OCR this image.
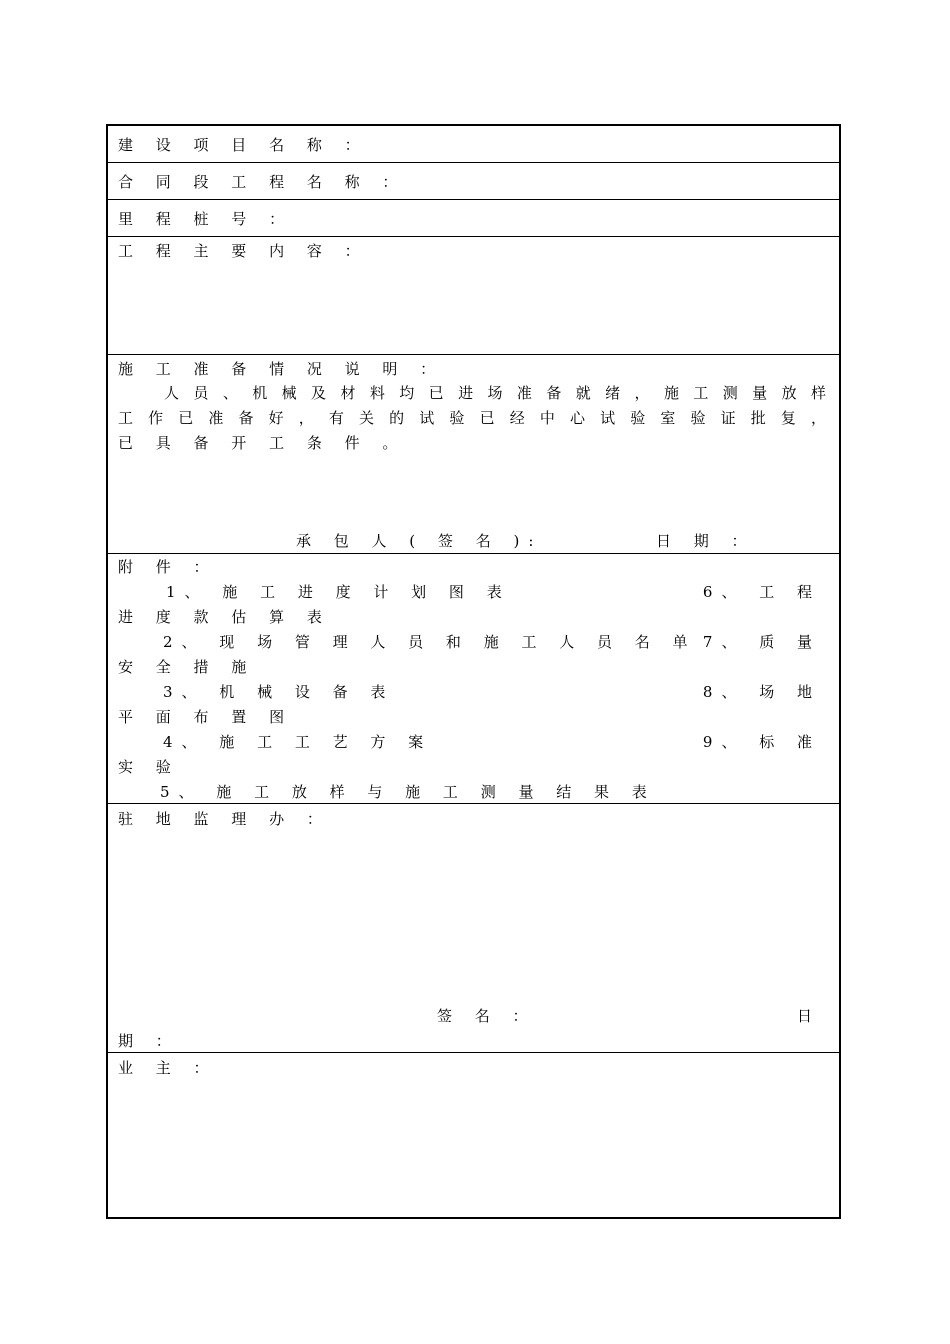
建 设 项 目 名 称 ：
合 同 段 工 程 名 称 ：
里 程 桩 号 ：
工 程 主 要 内 容 ：
施 工 准 备 情 况 说 明 ：
人 员 、 机 械 及 材 料 均 已 进 场 准 备 就 绪 ， 施 工 测 量 放 样
工 作 已 准 备 好 ， 有 关 的 试 验 已 经 中 心 试 验 室 验 证 批 复 ，
已 具 备 开 工 条 件 。
承 包 人 ( 签 名 ):	日 期 ：
附 件 ：
1、 施 工 进 度 计 划 图 表	6、 工 程
进 度 款 估 算 表
2、 现 场 管 理 人 员 和 施 工 人 员 名 单 7、 质 量
安 全 措 施
3、 机 械 设 备 表	8、 场 地
平 面 布 置 图
4、 施 工 工 艺 方 案	9、 标 准
实 验
5、 施 工 放 样 与 施 工 测 量 结 果 表
驻 地 监 理 办 ：
签 名 ：	日
期 ：
业 主 ：
